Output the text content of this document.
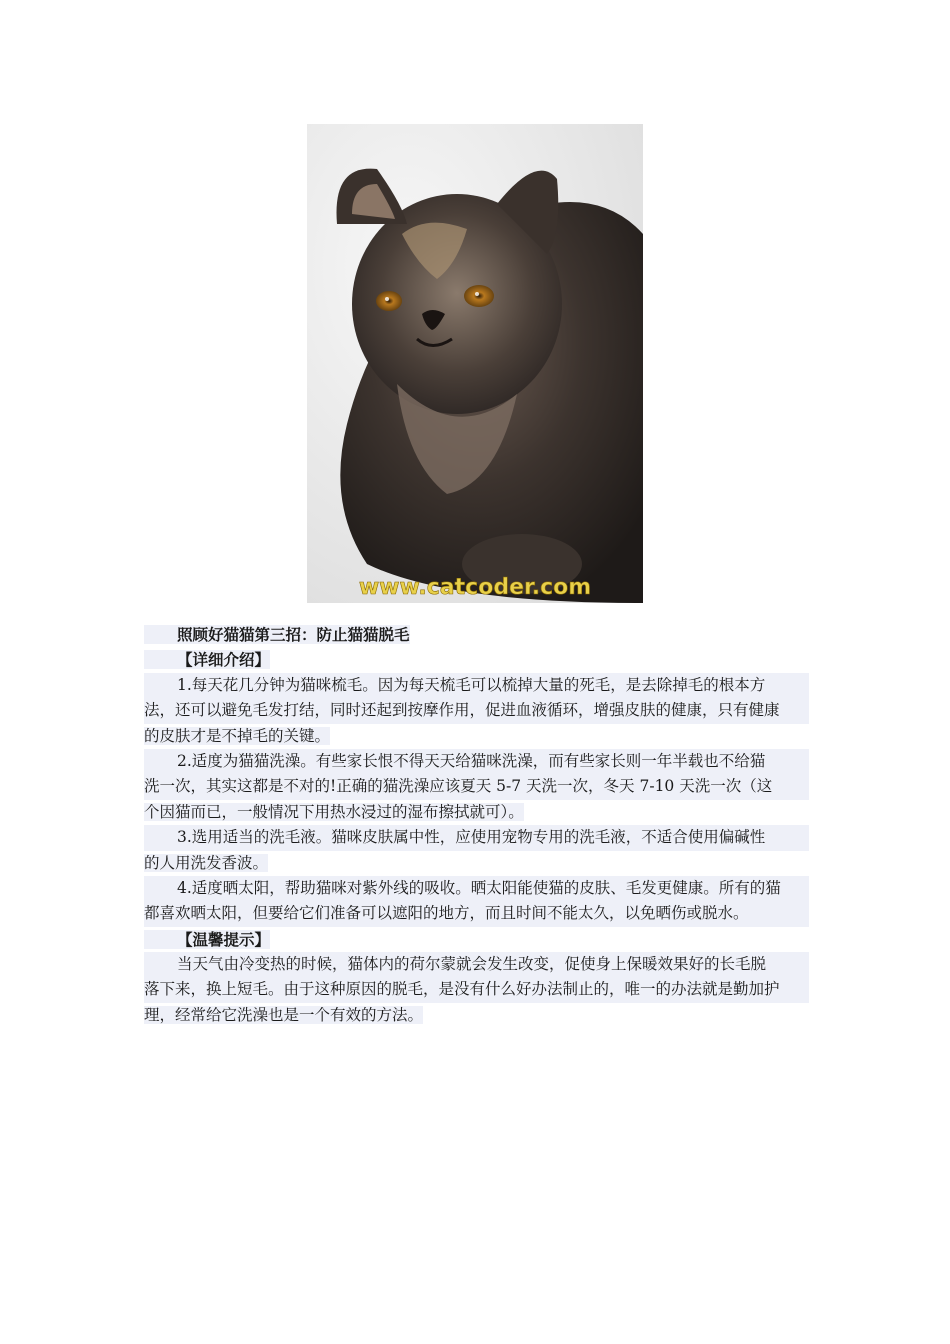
www.catcoder.com
照顾好猫猫第三招：防止猫猫脱毛
【详细介绍】
1.每天花几分钟为猫咪梳毛。因为每天梳毛可以梳掉大量的死毛，是去除掉毛的根本方
法，还可以避免毛发打结，同时还起到按摩作用，促进血液循环，增强皮肤的健康，只有健康
的皮肤才是不掉毛的关键。
2.适度为猫猫洗澡。有些家长恨不得天天给猫咪洗澡，而有些家长则一年半载也不给猫
洗一次，其实这都是不对的!正确的猫洗澡应该夏天 5-7 天洗一次，冬天 7-10 天洗一次（这
个因猫而已，一般情况下用热水浸过的湿布擦拭就可）。
3.选用适当的洗毛液。猫咪皮肤属中性，应使用宠物专用的洗毛液，不适合使用偏碱性
的人用洗发香波。
4.适度晒太阳，帮助猫咪对紫外线的吸收。晒太阳能使猫的皮肤、毛发更健康。所有的猫
都喜欢晒太阳，但要给它们准备可以遮阳的地方，而且时间不能太久，以免晒伤或脱水。
【温馨提示】
当天气由冷变热的时候，猫体内的荷尔蒙就会发生改变，促使身上保暖效果好的长毛脱
落下来，换上短毛。由于这种原因的脱毛，是没有什么好办法制止的，唯一的办法就是勤加护
理，经常给它洗澡也是一个有效的方法。
